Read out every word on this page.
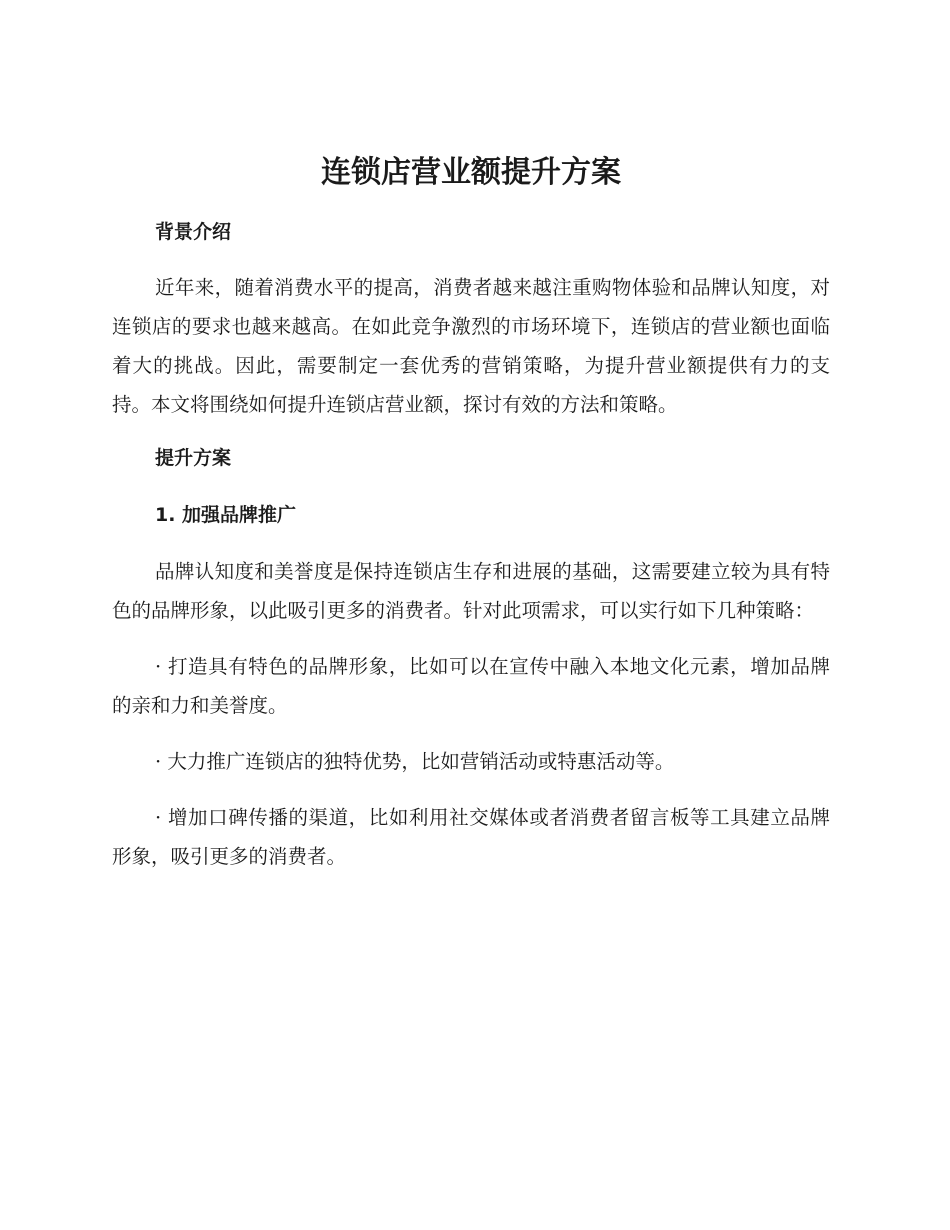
连锁店营业额提升方案
背景介绍

近年来，随着消费水平的提高，消费者越来越注重购物体验和品牌认知度，对连锁店的要求也越来越高。在如此竞争激烈的市场环境下，连锁店的营业额也面临着大的挑战。因此，需要制定一套优秀的营销策略，为提升营业额提供有力的支持。本文将围绕如何提升连锁店营业额，探讨有效的方法和策略。

提升方案
1. 加强品牌推广

品牌认知度和美誉度是保持连锁店生存和进展的基础，这需要建立较为具有特色的品牌形象，以此吸引更多的消费者。针对此项需求，可以实行如下几种策略：

· 打造具有特色的品牌形象，比如可以在宣传中融入本地文化元素，增加品牌的亲和力和美誉度。

· 大力推广连锁店的独特优势，比如营销活动或特惠活动等。

· 增加口碑传播的渠道，比如利用社交媒体或者消费者留言板等工具建立品牌形象，吸引更多的消费者。
